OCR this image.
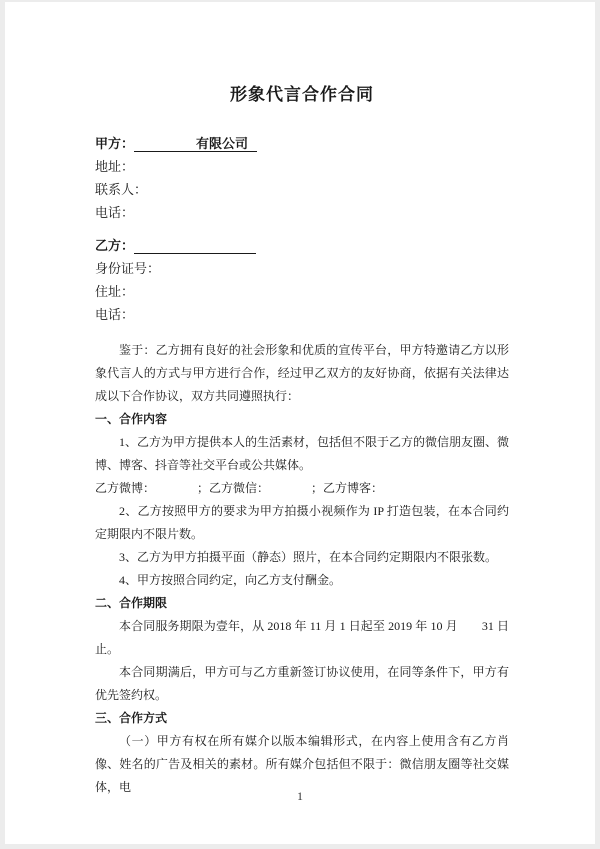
形象代言合作合同

甲方：	有限公司

地址：

联系人：

电话：

乙方：

身份证号：

住址：

电话：

鉴于：乙方拥有良好的社会形象和优质的宣传平台，甲方特邀请乙方以形象代言人的方式与甲方进行合作，经过甲乙双方的友好协商，依据有关法律达成以下合作协议，双方共同遵照执行：

一、合作内容

1、乙方为甲方提供本人的生活素材，包括但不限于乙方的微信朋友圈、微博、博客、抖音等社交平台或公共媒体。

乙方微博：　　　　；乙方微信：　　　　；乙方博客：

2、乙方按照甲方的要求为甲方拍摄小视频作为 IP 打造包装，在本合同约定期限内不限片数。

3、乙方为甲方拍摄平面（静态）照片，在本合同约定期限内不限张数。

4、甲方按照合同约定，向乙方支付酬金。

二、合作期限

本合同服务期限为壹年，从 2018 年 11 月 1 日起至 2019 年 10 月　　31 日止。

本合同期满后，甲方可与乙方重新签订协议使用，在同等条件下，甲方有优先签约权。

三、合作方式

（一）甲方有权在所有媒介以版本编辑形式，在内容上使用含有乙方肖像、姓名的广告及相关的素材。所有媒介包括但不限于：微信朋友圈等社交媒体，电

1
